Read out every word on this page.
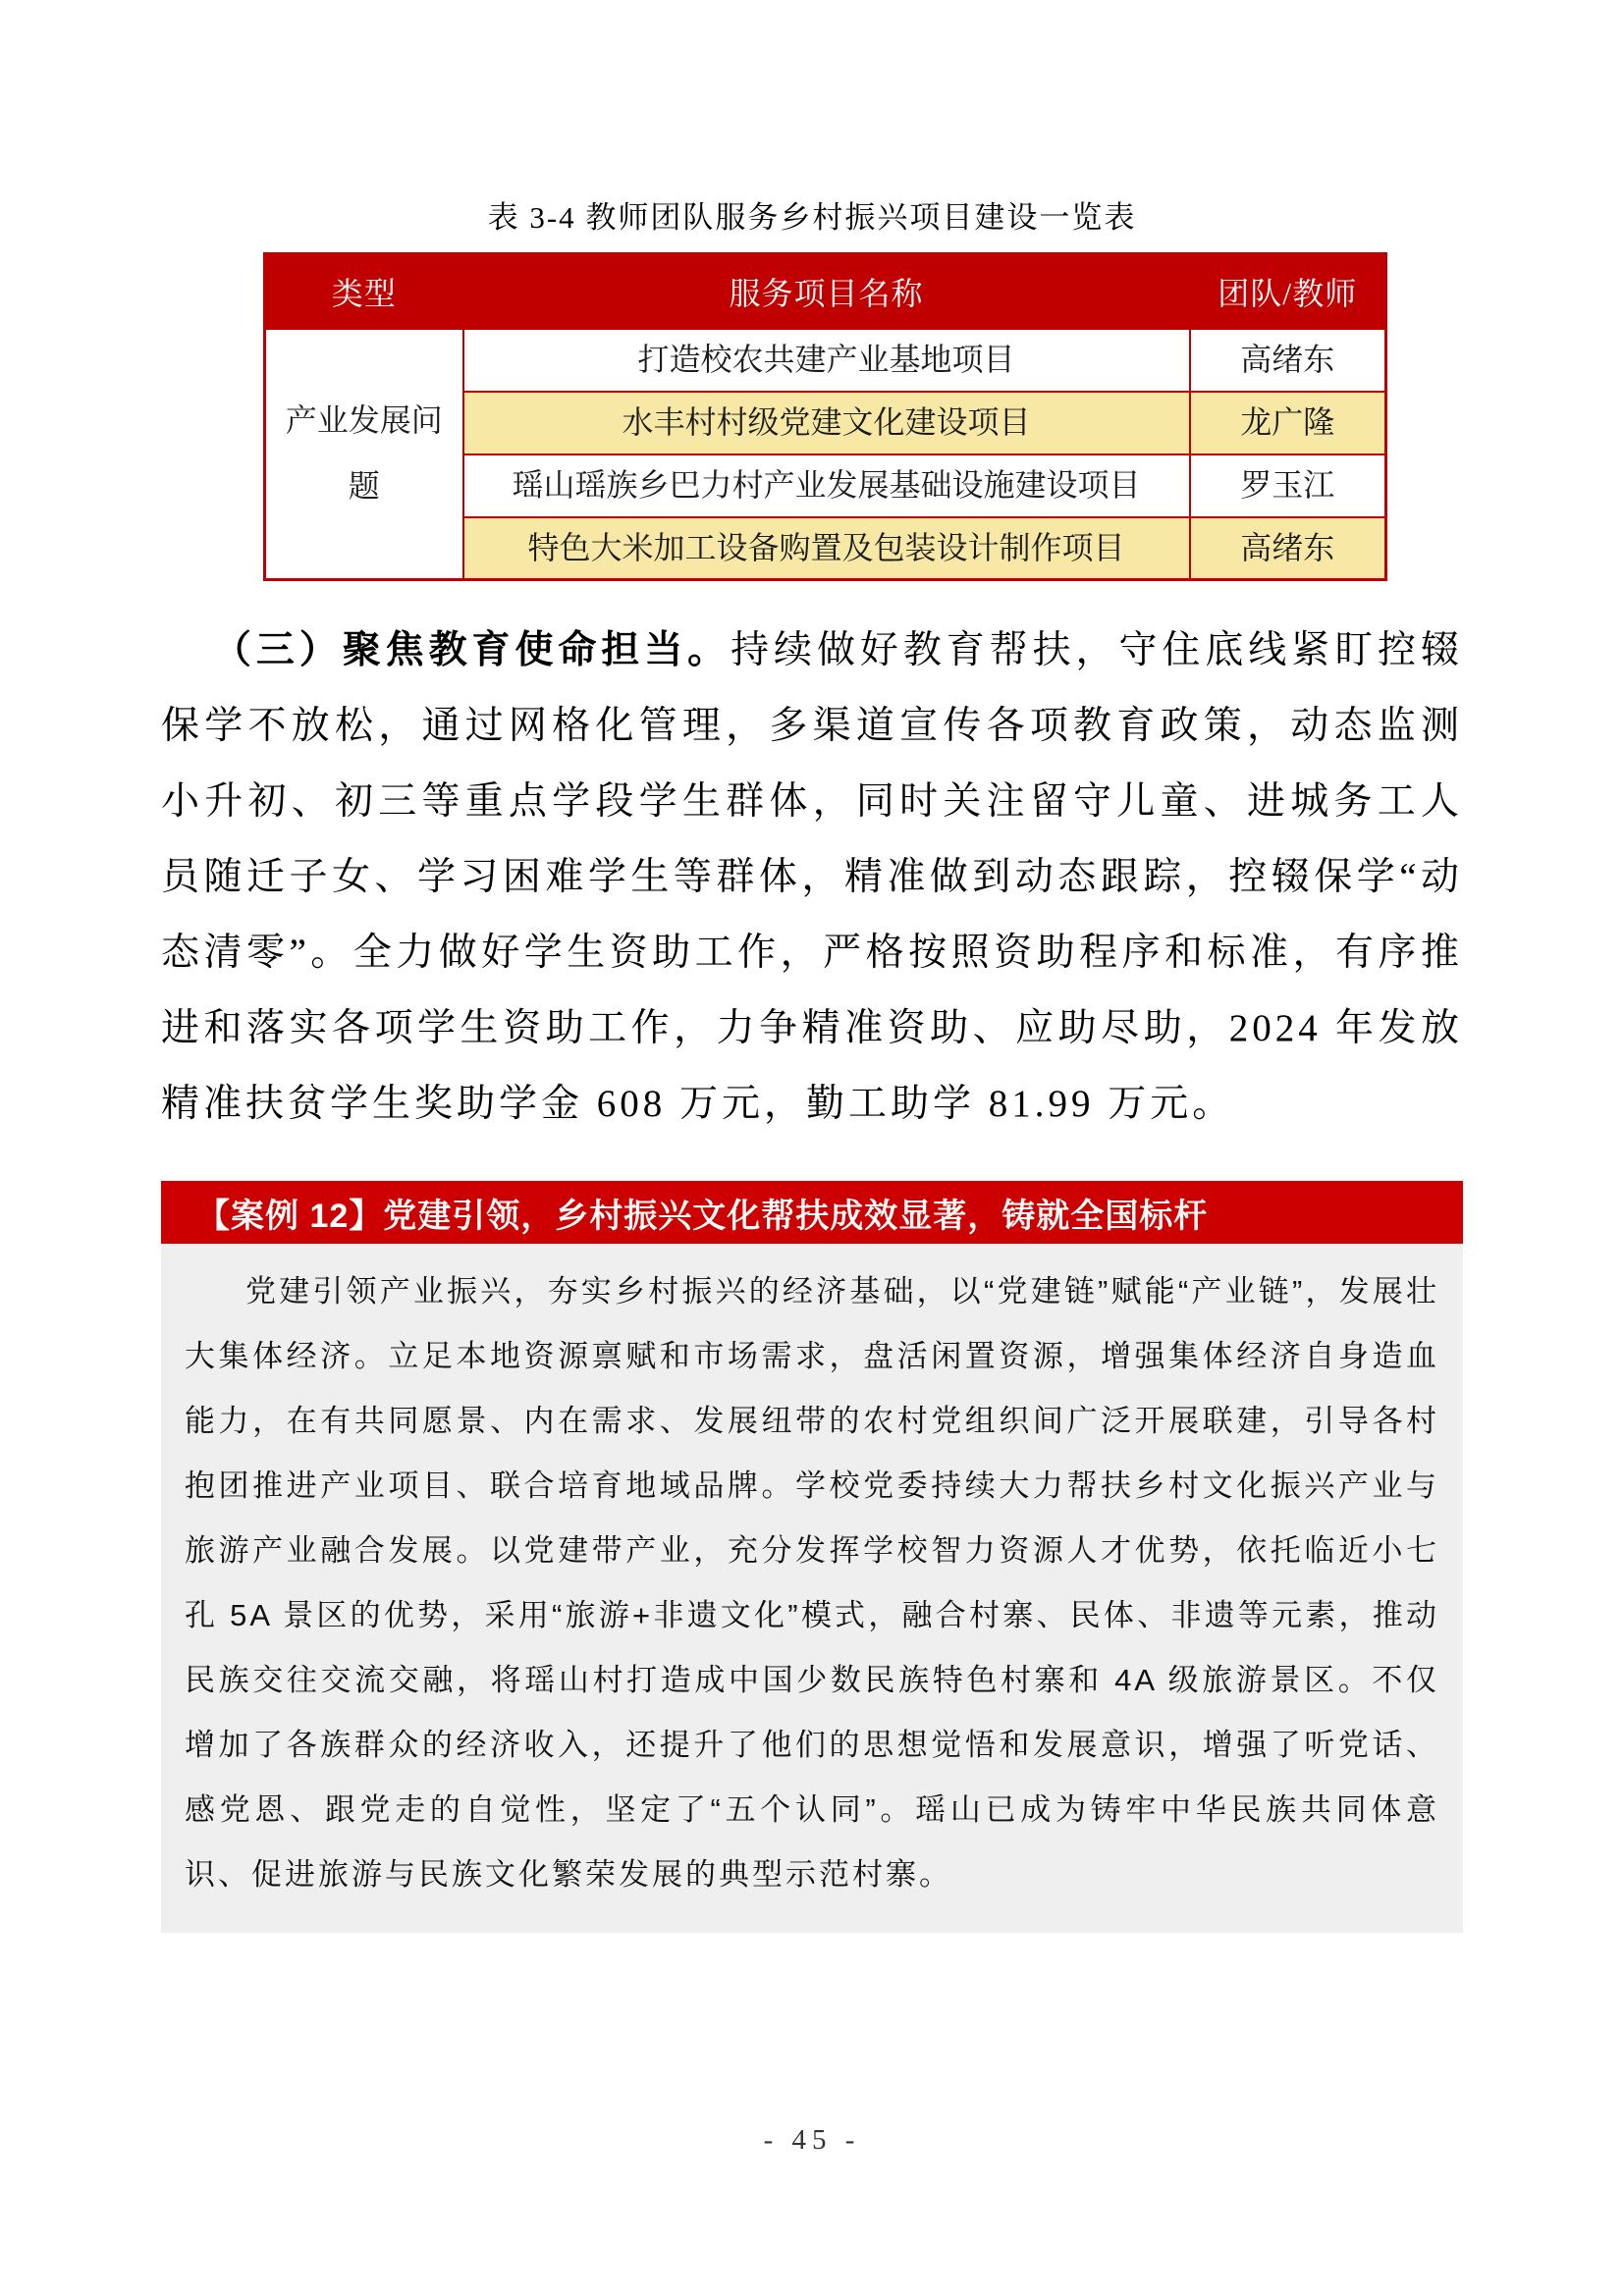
表 3-4 教师团队服务乡村振兴项目建设一览表
类型	服务项目名称	团队/教师
产业发展问题	打造校农共建产业基地项目	高绪东
	水丰村村级党建文化建设项目	龙广隆
	瑶山瑶族乡巴力村产业发展基础设施建设项目	罗玉江
	特色大米加工设备购置及包装设计制作项目	高绪东

（三）聚焦教育使命担当。持续做好教育帮扶，守住底线紧盯控辍保学不放松，通过网格化管理，多渠道宣传各项教育政策，动态监测小升初、初三等重点学段学生群体，同时关注留守儿童、进城务工人员随迁子女、学习困难学生等群体，精准做到动态跟踪，控辍保学“动态清零”。全力做好学生资助工作，严格按照资助程序和标准，有序推进和落实各项学生资助工作，力争精准资助、应助尽助，2024 年发放精准扶贫学生奖助学金 608 万元，勤工助学 81.99 万元。

【案例 12】党建引领，乡村振兴文化帮扶成效显著，铸就全国标杆

党建引领产业振兴，夯实乡村振兴的经济基础，以“党建链”赋能“产业链”，发展壮大集体经济。立足本地资源禀赋和市场需求，盘活闲置资源，增强集体经济自身造血能力，在有共同愿景、内在需求、发展纽带的农村党组织间广泛开展联建，引导各村抱团推进产业项目、联合培育地域品牌。学校党委持续大力帮扶乡村文化振兴产业与旅游产业融合发展。以党建带产业，充分发挥学校智力资源人才优势，依托临近小七孔 5A 景区的优势，采用“旅游+非遗文化”模式，融合村寨、民体、非遗等元素，推动民族交往交流交融，将瑶山村打造成中国少数民族特色村寨和 4A 级旅游景区。不仅增加了各族群众的经济收入，还提升了他们的思想觉悟和发展意识，增强了听党话、感党恩、跟党走的自觉性，坚定了“五个认同”。瑶山已成为铸牢中华民族共同体意识、促进旅游与民族文化繁荣发展的典型示范村寨。

- 45 -
